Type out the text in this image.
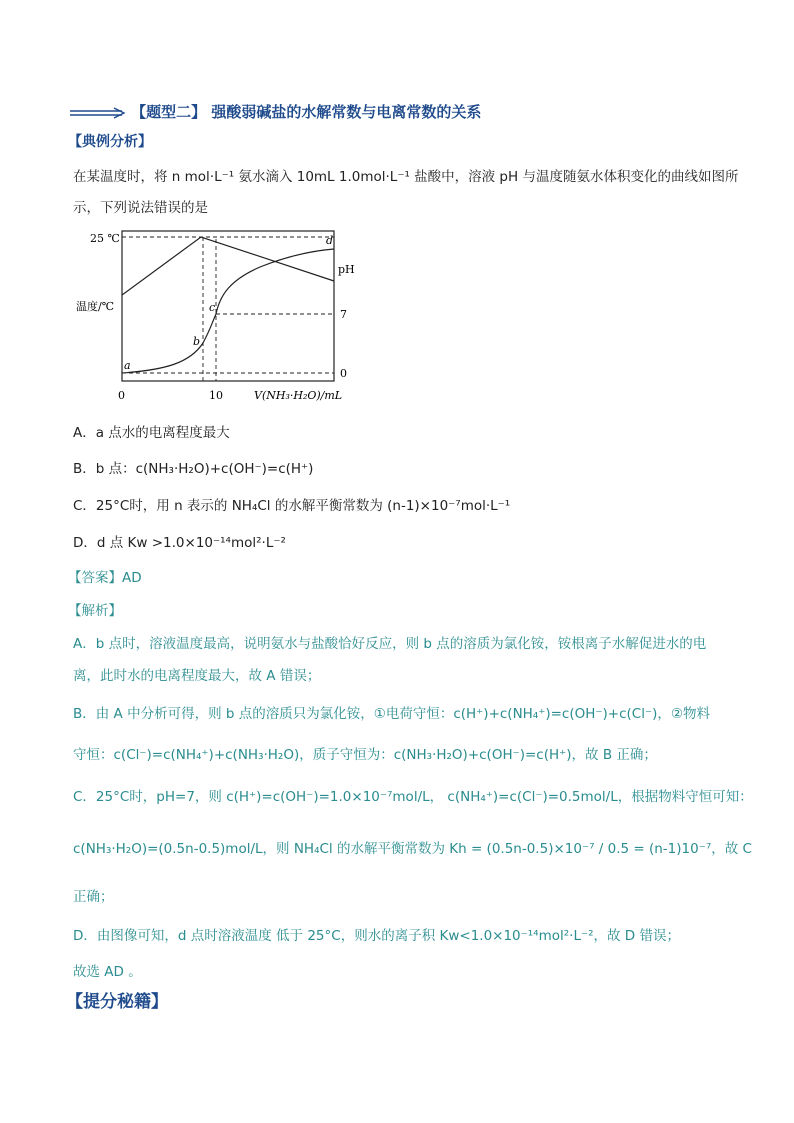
【题型二】 强酸弱碱盐的水解常数与电离常数的关系
【典例分析】
在某温度时，将 n mol·L⁻¹ 氨水滴入 10mL 1.0mol·L⁻¹ 盐酸中，溶液 pH 与温度随氨水体积变化的曲线如图所
示，下列说法错误的是
25 ℃
7
0
0	10
温度/℃
pH
V(NH₃·H₂O)/mL
a
b
c
d
A．a 点水的电离程度最大
B．b 点：c(NH₃·H₂O)+c(OH⁻)=c(H⁺)
C．25°C时，用 n 表示的 NH₄Cl 的水解平衡常数为 (n-1)×10⁻⁷mol·L⁻¹
D．d 点 Kw >1.0×10⁻¹⁴mol²·L⁻²
【答案】AD
【解析】
A．b 点时，溶液温度最高，说明氨水与盐酸恰好反应，则 b 点的溶质为氯化铵，铵根离子水解促进水的电
离，此时水的电离程度最大，故 A 错误；
B．由 A 中分析可得，则 b 点的溶质只为氯化铵，①电荷守恒：c(H⁺)+c(NH₄⁺)=c(OH⁻)+c(Cl⁻)，②物料
守恒：c(Cl⁻)=c(NH₄⁺)+c(NH₃·H₂O)，质子守恒为：c(NH₃·H₂O)+c(OH⁻)=c(H⁺)，故 B 正确；
C．25°C时，pH=7，则 c(H⁺)=c(OH⁻)=1.0×10⁻⁷mol/L， c(NH₄⁺)=c(Cl⁻)=0.5mol/L，根据物料守恒可知：
c(NH₃·H₂O)=(0.5n-0.5)mol/L，则 NH₄Cl 的水解平衡常数为 Kh = (0.5n-0.5)×10⁻⁷ / 0.5 = (n-1)10⁻⁷，故 C
正确；
D．由图像可知，d 点时溶液温度 低于 25°C，则水的离子积 Kw<1.0×10⁻¹⁴mol²·L⁻²，故 D 错误；
故选 AD 。
【提分秘籍】
